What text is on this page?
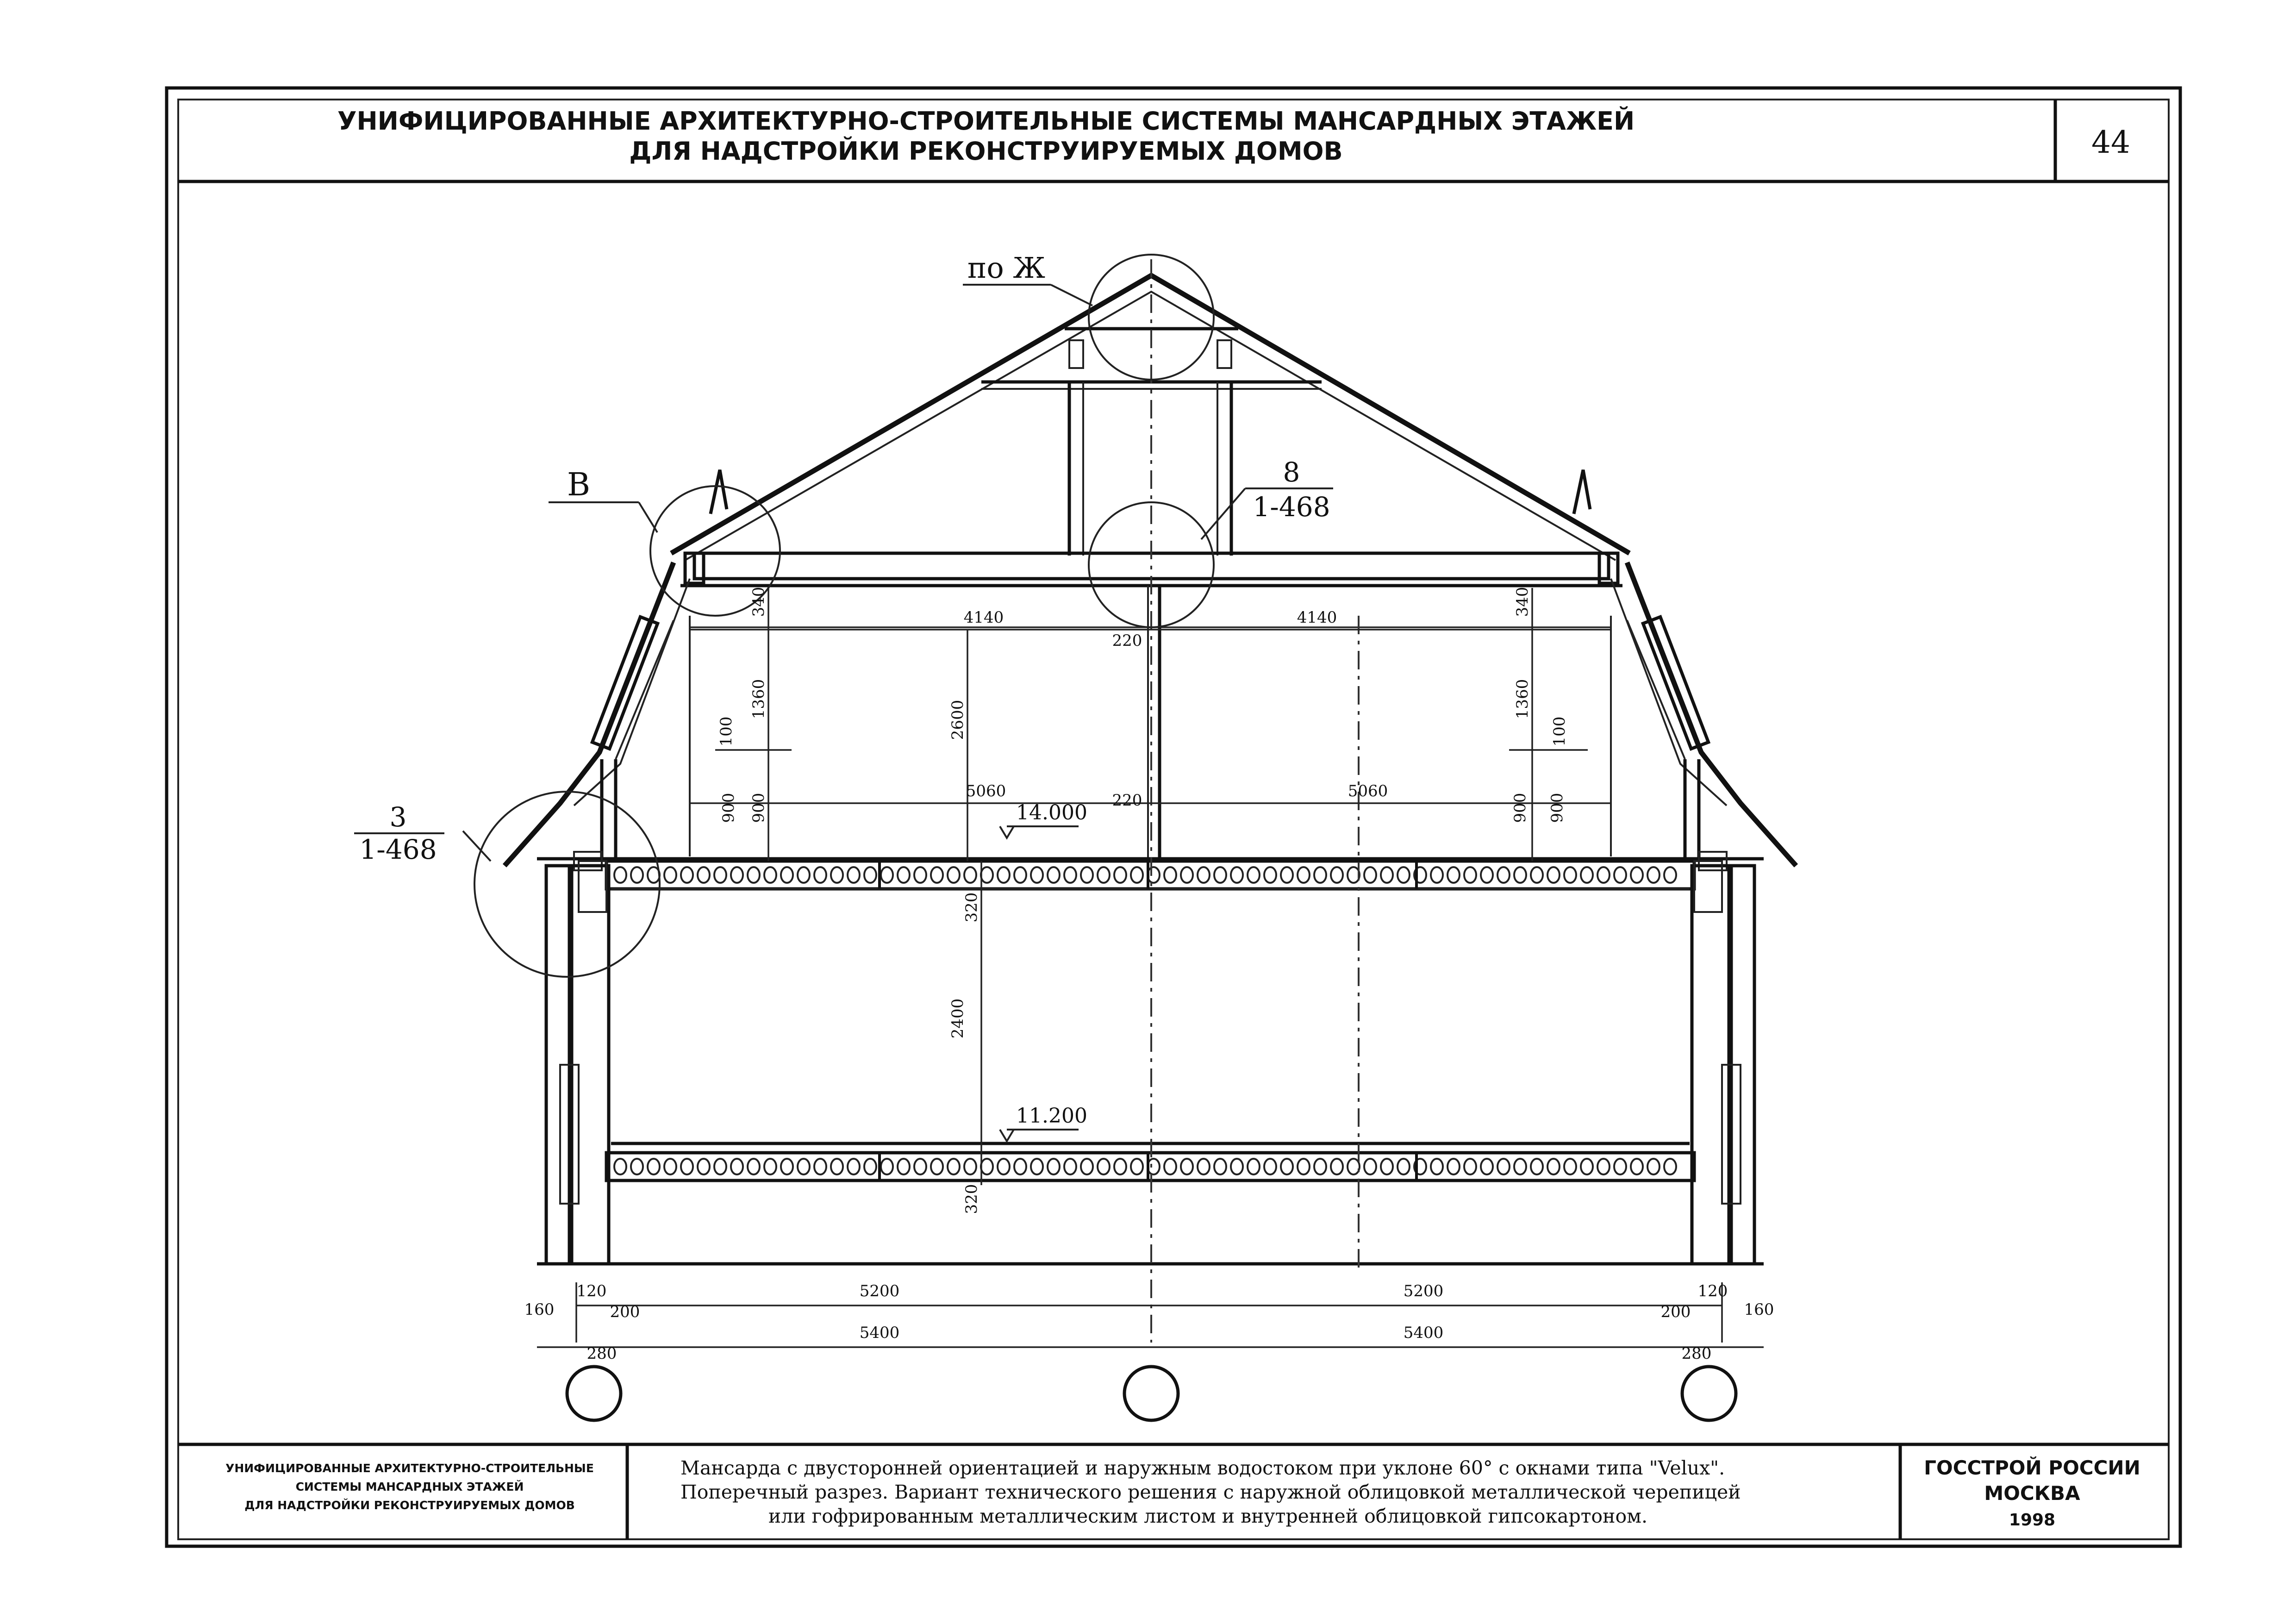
УНИФИЦИРОВАННЫЕ АРХИТЕКТУРНО-СТРОИТЕЛЬНЫЕ СИСТЕМЫ МАНСАРДНЫХ ЭТАЖЕЙ
ДЛЯ НАДСТРОЙКИ РЕКОНСТРУИРУЕМЫХ ДОМОВ	44
по Ж
В	8
1-468
3
1-468
14.000
11.200
340	340
4140	4140
220
1360	1360
2600
100	100
5060	5060
220
900 900	900 900
320
2400
320
160
120
200
5200	5200
200
120
160
5400	5400
280	280
УНИФИЦИРОВАННЫЕ АРХИТЕКТУРНО-СТРОИТЕЛЬНЫЕ
СИСТЕМЫ МАНСАРДНЫХ ЭТАЖЕЙ
ДЛЯ НАДСТРОЙКИ РЕКОНСТРУИРУЕМЫХ ДОМОВ
Мансарда с двусторонней ориентацией и наружным водостоком при уклоне 60° с окнами типа "Velux".
Поперечный разрез. Вариант технического решения с наружной облицовкой металлической черепицей
или гофрированным металлическим листом и внутренней облицовкой гипсокартоном.
ГОССТРОЙ РОССИИ
МОСКВА
1998
